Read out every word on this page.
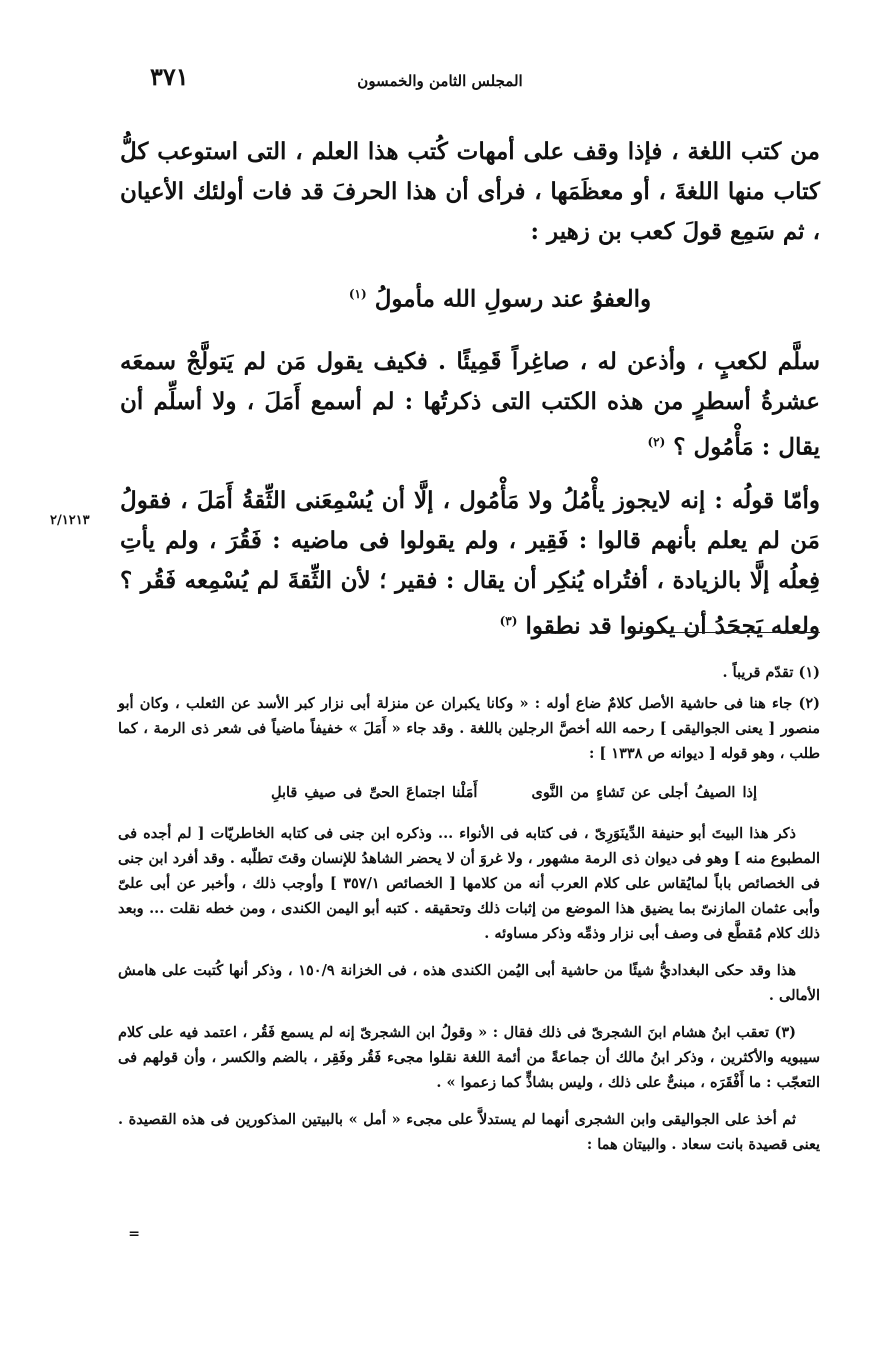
٣٧١	المجلس الثامن والخمسون

من كتب اللغة ، فإذا وقف على أمهات كُتب هذا العلم ، التى استوعب كلُّ كتاب منها اللغةَ ، أو معظَمَها ، فرأى أن هذا الحرفَ قد فات أولئك الأعيان ، ثم سَمِع قولَ كعب بن زهير :

والعفوُ عند رسولِ الله مأمولُ $^{(١)}$

سلَّم لكعبٍ ، وأذعن له ، صاغِراً قَمِيئًا . فكيف يقول مَن لم يَتولَّجْ سمعَه عشرةُ أسطرٍ من هذه الكتب التى ذكرتُها : لم أسمع أَمَلَ ، ولا أسلِّم أن يقال : مَأْمُول ؟ $^{(٢)}$

وأمّا قولُه : إنه لايجوز يأْمُلُ ولا مَأْمُول ، إلَّا أن يُسْمِعَنى الثِّقةُ أَمَلَ ، فقولُ مَن لم يعلم بأنهم قالوا : فَقِير ، ولم يقولوا فى ماضيه : فَقُرَ ، ولم يأتِ فِعلُه إلَّا بالزيادة ، أفتُراه يُنكِر أن يقال : فقير ؛ لأن الثِّقةَ لم يُسْمِعه فَقُر ؟ ولعله يَجحَدُ أن يكونوا قد نطقوا $^{(٣)}$

٢/١٢١٣

(١) تقدّم قريباً .

(٢) جاء هنا فى حاشية الأصل كلامٌ ضاع أوله : « وكانا يكبران عن منزلة أبى نزار كبر الأسد عن الثعلب ، وكان أبو منصور [ يعنى الجواليقى ] رحمه الله أخصَّ الرجلين باللغة . وقد جاء « أَمَلَ » خفيفاً ماضياً فى شعر ذى الرمة ، كما طلب ، وهو قوله [ ديوانه ص ١٣٣٨ ] :

إذا الصيفُ أجلى عن تَشاءٍ من النَّوى  أَمَلْنا اجتماعَ الحىِّ فى صيفِ قابلِ

ذكر هذا البيتَ أبو حنيفة الدِّينَوَرِىّ ، فى كتابه فى الأنواء ... وذكره ابن جنى فى كتابه الخاطريّات [ لم أجده فى المطبوع منه ] وهو فى ديوان ذى الرمة مشهور ، ولا غروَ أن لا يحضر الشاهدُ للإنسان وقتَ تطلّبه . وقد أفرد ابن جنى فى الخصائص باباً لمايُقاس على كلام العرب أنه من كلامها [ الخصائص ٣٥٧/١ ] وأوجب ذلك ، وأخبر عن أبى علىّ وأبى عثمان المازنىّ بما يضيق هذا الموضع من إثبات ذلك وتحقيقه . كتبه أبو اليمن الكندى ، ومن خطه نقلت ... وبعد ذلك كلام مُقطَّع فى وصف أبى نزار وذمِّه وذكر مساوئه .

هذا وقد حكى البغداديُّ شيئًا من حاشية أبى اليُمن الكندى هذه ، فى الخزانة ١٥٠/٩ ، وذكر أنها كُتبت على هامش الأمالى .

(٣) تعقب ابنُ هشام ابنَ الشجرىّ فى ذلك فقال : « وقولُ ابن الشجرىّ إنه لم يسمع فَقُر ، اعتمد فيه على كلام سيبويه والأكثرين ، وذكر ابنُ مالك أن جماعةً من أئمة اللغة نقلوا مجىء فَقُر وفَقِر ، بالضم والكسر ، وأن قولهم فى التعجّب : ما أَفْقَرَه ، مبنىٌّ على ذلك ، وليس بشاذٍّ كما زعموا » .

ثم أخذ على الجواليقى وابن الشجرى أنهما لم يستدلاَّ على مجىء « أمل » بالبيتين المذكورين فى هذه القصيدة . يعنى قصيدة بانت سعاد . والبيتان هما :

=
